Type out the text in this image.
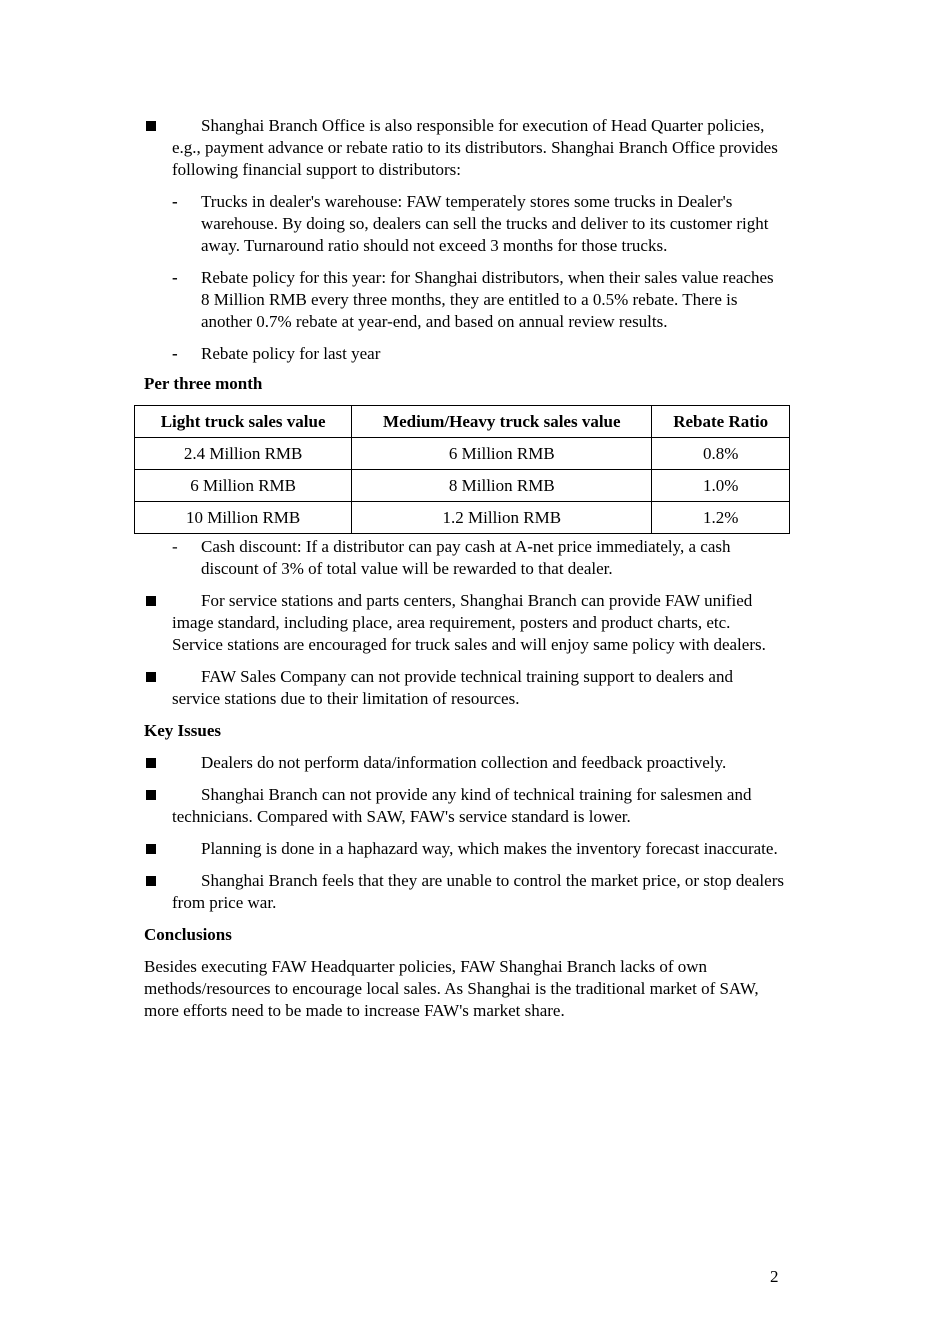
Shanghai Branch Office is also responsible for execution of Head Quarter policies, e.g., payment advance or rebate ratio to its distributors. Shanghai Branch Office provides following financial support to distributors:

- Trucks in dealer's warehouse: FAW temperately stores some trucks in Dealer's warehouse. By doing so, dealers can sell the trucks and deliver to its customer right away. Turnaround ratio should not exceed 3 months for those trucks.

- Rebate policy for this year: for Shanghai distributors, when their sales value reaches 8 Million RMB every three months, they are entitled to a 0.5% rebate. There is another 0.7% rebate at year-end, and based on annual review results.

- Rebate policy for last year

Per three month

Light truck sales value	Medium/Heavy truck sales value	Rebate Ratio
2.4 Million RMB	6 Million RMB	0.8%
6 Million RMB	8 Million RMB	1.0%
10 Million RMB	1.2 Million RMB	1.2%

- Cash discount: If a distributor can pay cash at A-net price immediately, a cash discount of 3% of total value will be rewarded to that dealer.

For service stations and parts centers, Shanghai Branch can provide FAW unified image standard, including place, area requirement, posters and product charts, etc. Service stations are encouraged for truck sales and will enjoy same policy with dealers.

FAW Sales Company can not provide technical training support to dealers and service stations due to their limitation of resources.

Key Issues

Dealers do not perform data/information collection and feedback proactively.

Shanghai Branch can not provide any kind of technical training for salesmen and technicians. Compared with SAW, FAW's service standard is lower.

Planning is done in a haphazard way, which makes the inventory forecast inaccurate.

Shanghai Branch feels that they are unable to control the market price, or stop dealers from price war.

Conclusions

Besides executing FAW Headquarter policies, FAW Shanghai Branch lacks of own methods/resources to encourage local sales. As Shanghai is the traditional market of SAW, more efforts need to be made to increase FAW's market share.

2
